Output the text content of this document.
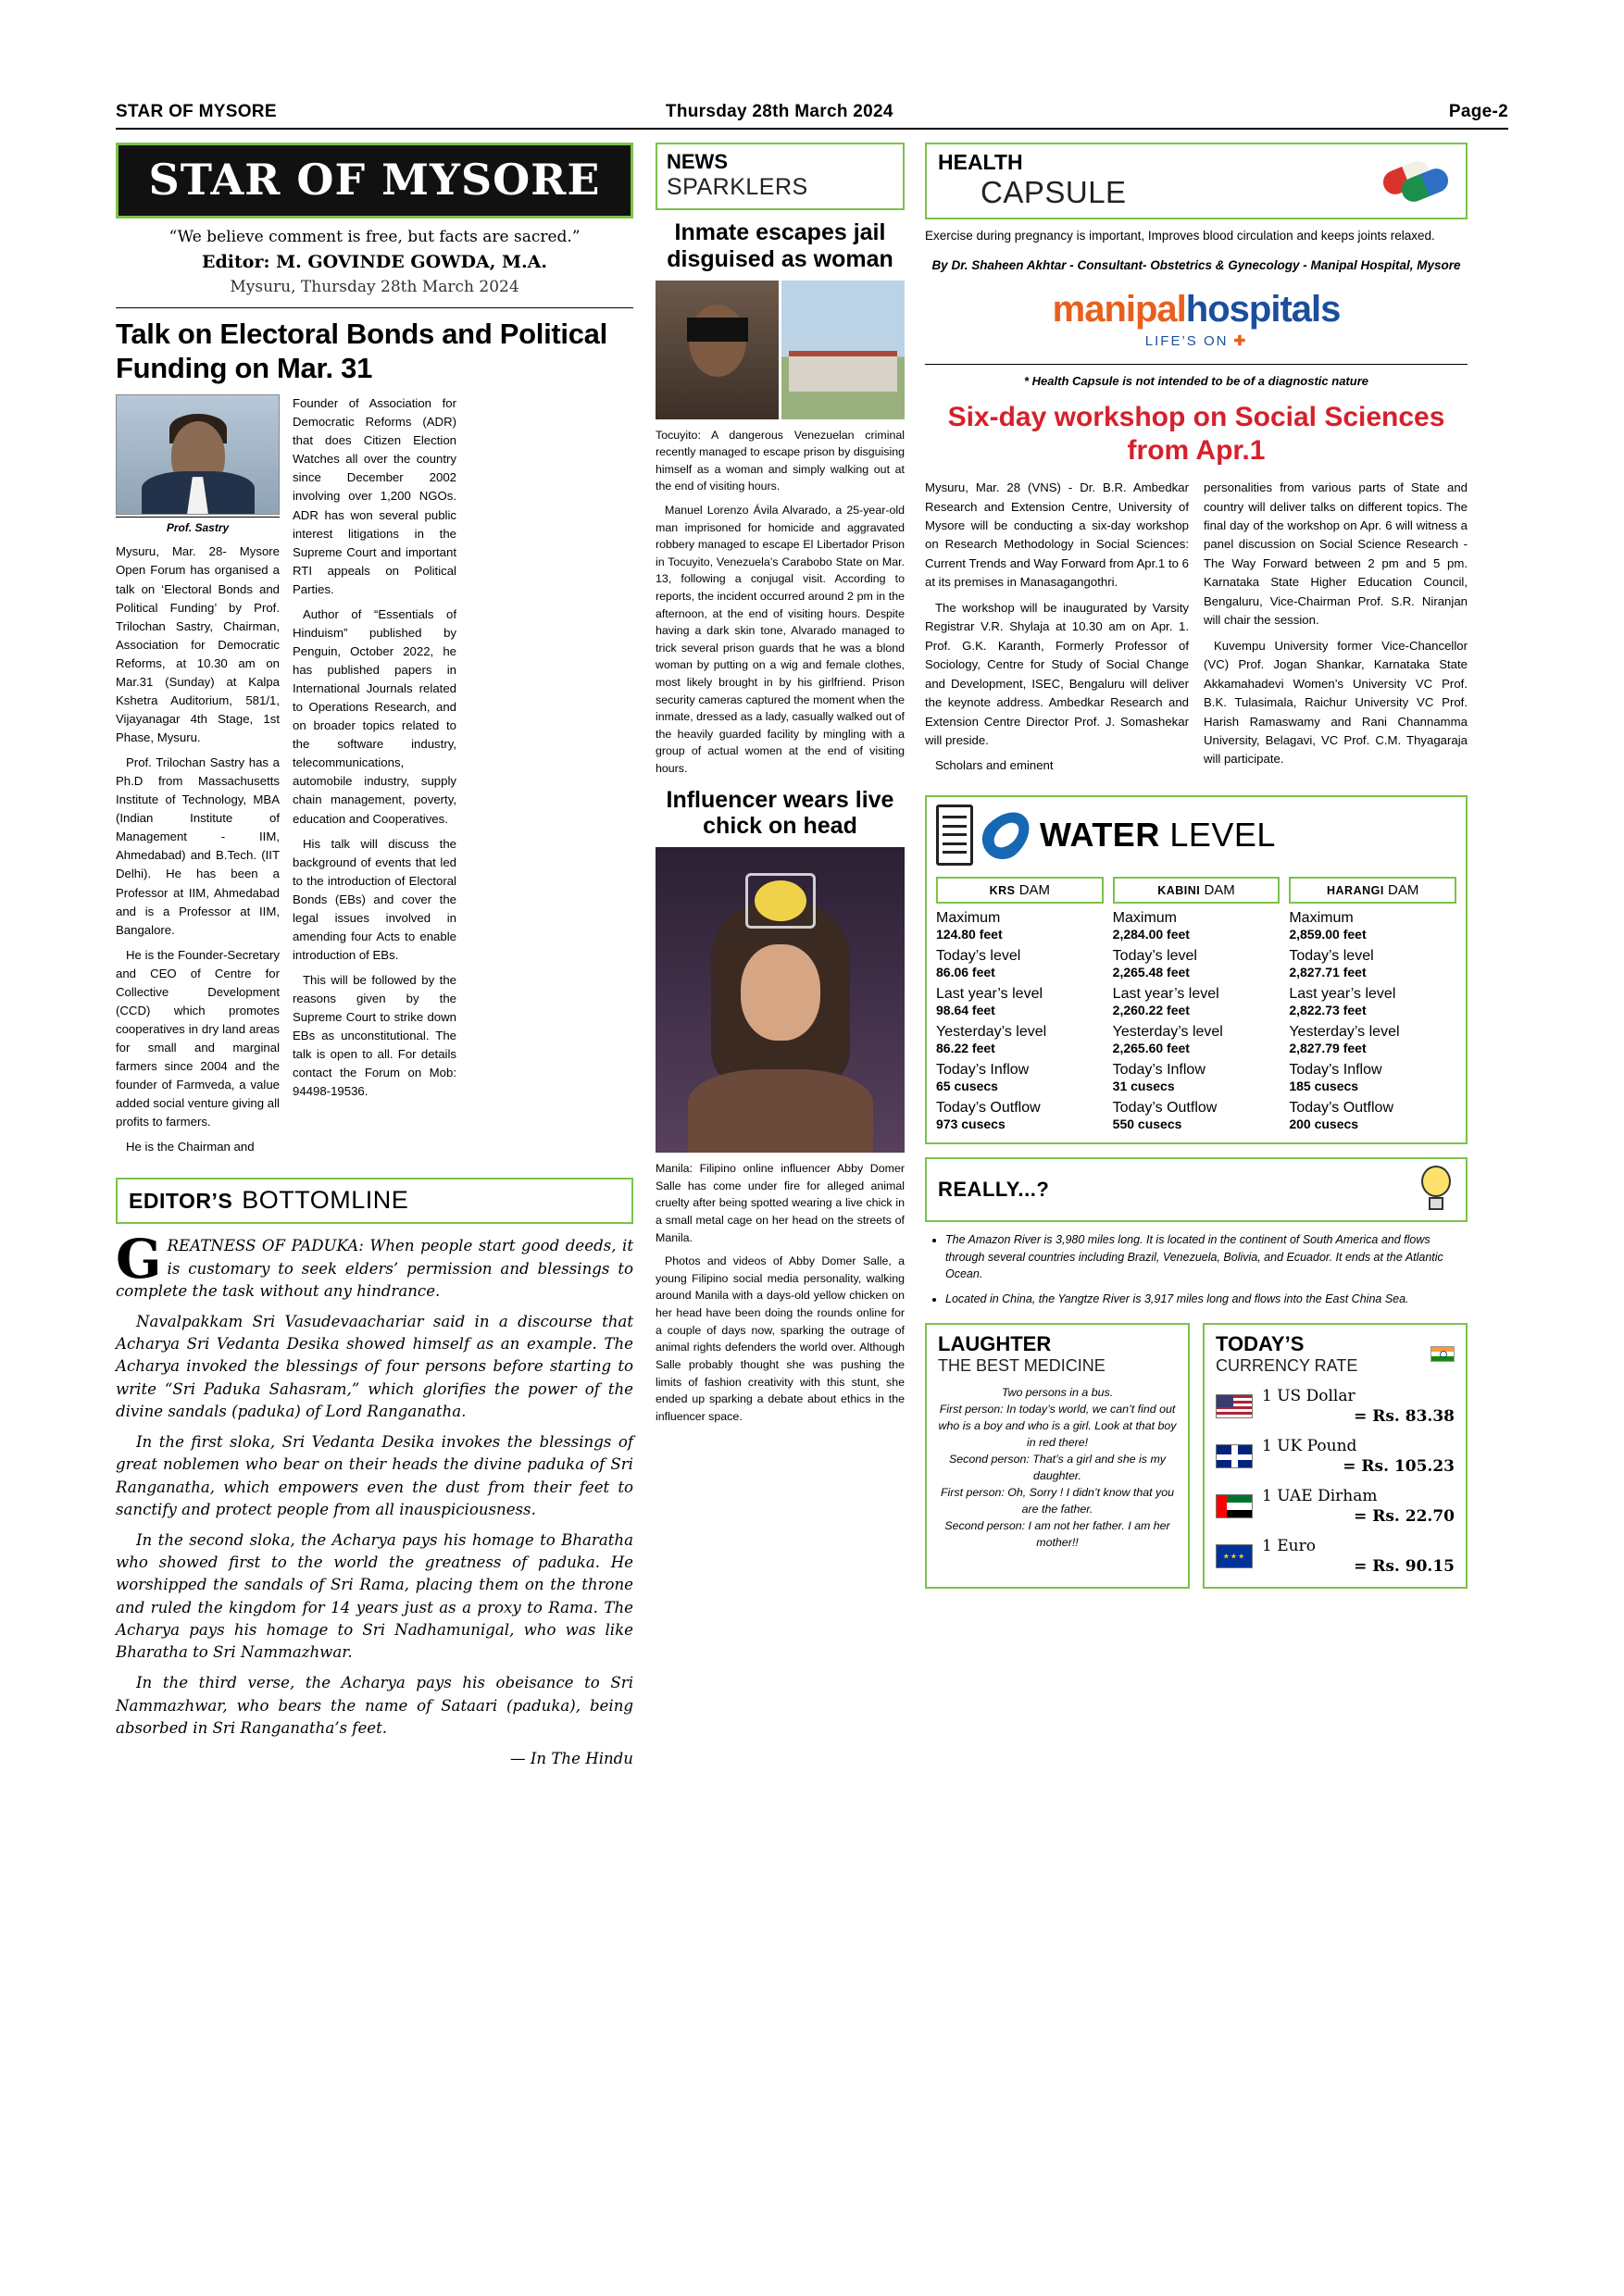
STAR OF MYSORE	Thursday 28th March 2024	Page-2
STAR OF MYSORE
“We believe comment is free, but facts are sacred.”
Editor: M. GOVINDE GOWDA, M.A.
Mysuru, Thursday 28th March 2024
Talk on Electoral Bonds and Political Funding on Mar. 31
Prof. Sastry

Mysuru, Mar. 28- Mysore Open Forum has organised a talk on ‘Electoral Bonds and Political Funding’ by Prof. Trilochan Sastry, Chairman, Association for Democratic Reforms, at 10.30 am on Mar.31 (Sunday) at Kalpa Kshetra Auditorium, 581/1, Vijayanagar 4th Stage, 1st Phase, Mysuru.

Prof. Trilochan Sastry has a Ph.D from Massachusetts Institute of Technology, MBA (Indian Institute of Management - IIM, Ahmedabad) and B.Tech. (IIT Delhi). He has been a Professor at IIM, Ahmedabad and is a Professor at IIM, Bangalore.

He is the Founder-Secretary and CEO of Centre for Collective Development (CCD) which promotes cooperatives in dry land areas for small and marginal farmers since 2004 and the founder of Farmveda, a value added social venture giving all profits to farmers.

He is the Chairman and

Founder of Association for Democratic Reforms (ADR) that does Citizen Election Watches all over the country since December 2002 involving over 1,200 NGOs. ADR has won several public interest litigations in the Supreme Court and important RTI appeals on Political Parties.

Author of “Essentials of Hinduism” published by Penguin, October 2022, he has published papers in International Journals related to Operations Research, and on broader topics related to the software industry, telecommunications, automobile industry, supply chain management, poverty, education and Cooperatives.

His talk will discuss the background of events that led to the introduction of Electoral Bonds (EBs) and cover the legal issues involved in amending four Acts to enable introduction of EBs.

This will be followed by the reasons given by the Supreme Court to strike down EBs as unconstitutional. The talk is open to all. For details contact the Forum on Mob: 94498-19536.

EDITOR’S BOTTOMLINE

GREATNESS OF PADUKA: When people start good deeds, it is customary to seek elders’ permission and blessings to complete the task without any hindrance.

Navalpakkam Sri Vasudevaachariar said in a discourse that Acharya Sri Vedanta Desika showed himself as an example. The Acharya invoked the blessings of four persons before starting to write “Sri Paduka Sahasram,” which glorifies the power of the divine sandals (paduka) of Lord Ranganatha.

In the first sloka, Sri Vedanta Desika invokes the blessings of great noblemen who bear on their heads the divine paduka of Sri Ranganatha, which empowers even the dust from their feet to sanctify and protect people from all inauspiciousness.

In the second sloka, the Acharya pays his homage to Bharatha who showed first to the world the greatness of paduka. He worshipped the sandals of Sri Rama, placing them on the throne and ruled the kingdom for 14 years just as a proxy to Rama. The Acharya pays his homage to Sri Nadhamunigal, who was like Bharatha to Sri Nammazhwar.

In the third verse, the Acharya pays his obeisance to Sri Nammazhwar, who bears the name of Sataari (paduka), being absorbed in Sri Ranganatha’s feet.

— In The Hindu

NEWS
SPARKLERS
Inmate escapes jail disguised as woman

Tocuyito: A dangerous Venezuelan criminal recently managed to escape prison by disguising himself as a woman and simply walking out at the end of visiting hours.

Manuel Lorenzo Ávila Alvarado, a 25-year-old man imprisoned for homicide and aggravated robbery managed to escape El Libertador Prison in Tocuyito, Venezuela’s Carabobo State on Mar. 13, following a conjugal visit. According to reports, the incident occurred around 2 pm in the afternoon, at the end of visiting hours. Despite having a dark skin tone, Alvarado managed to trick several prison guards that he was a blond woman by putting on a wig and female clothes, most likely brought in by his girlfriend. Prison security cameras captured the moment when the inmate, dressed as a lady, casually walked out of the heavily guarded facility by mingling with a group of actual women at the end of visiting hours.

Influencer wears live chick on head

Manila: Filipino online influencer Abby Domer Salle has come under fire for alleged animal cruelty after being spotted wearing a live chick in a small metal cage on her head on the streets of Manila.

Photos and videos of Abby Domer Salle, a young Filipino social media personality, walking around Manila with a days-old yellow chicken on her head have been doing the rounds online for a couple of days now, sparking the outrage of animal rights defenders the world over. Although Salle probably thought she was pushing the limits of fashion creativity with this stunt, she ended up sparking a debate about ethics in the influencer space.

HEALTH
CAPSULE
Exercise during pregnancy is important, Improves blood circulation and keeps joints relaxed.
By Dr. Shaheen Akhtar - Consultant- Obstetrics & Gynecology - Manipal Hospital, Mysore
manipalhospitals
LIFE’S ON ✚
* Health Capsule is not intended to be of a diagnostic nature
Six-day workshop on Social Sciences from Apr.1

Mysuru, Mar. 28 (VNS) - Dr. B.R. Ambedkar Research and Extension Centre, University of Mysore will be conducting a six-day workshop on Research Methodology in Social Sciences: Current Trends and Way Forward from Apr.1 to 6 at its premises in Manasagangothri.

The workshop will be inaugurated by Varsity Registrar V.R. Shylaja at 10.30 am on Apr. 1. Prof. G.K. Karanth, Formerly Professor of Sociology, Centre for Study of Social Change and Development, ISEC, Bengaluru will deliver the keynote address. Ambedkar Research and Extension Centre Director Prof. J. Somashekar will preside.

Scholars and eminent

personalities from various parts of State and country will deliver talks on different topics. The final day of the workshop on Apr. 6 will witness a panel discussion on Social Science Research -The Way Forward between 2 pm and 5 pm. Karnataka State Higher Education Council, Bengaluru, Vice-Chairman Prof. S.R. Niranjan will chair the session.

Kuvempu University former Vice-Chancellor (VC) Prof. Jogan Shankar, Karnataka State Akkamahadevi Women’s University VC Prof. B.K. Tulasimala, Raichur University VC Prof. Harish Ramaswamy and Rani Channamma University, Belagavi, VC Prof. C.M. Thyagaraja will participate.

WATER LEVEL
KRS DAM
Maximum
124.80 feet
Today’s level
86.06 feet
Last year’s level
98.64 feet
Yesterday’s level
86.22 feet
Today’s Inflow
65 cusecs
Today’s Outflow
973 cusecs
KABINI DAM
Maximum
2,284.00 feet
Today’s level
2,265.48 feet
Last year’s level
2,260.22 feet
Yesterday’s level
2,265.60 feet
Today’s Inflow
31 cusecs
Today’s Outflow
550 cusecs
HARANGI DAM
Maximum
2,859.00 feet
Today’s level
2,827.71 feet
Last year’s level
2,822.73 feet
Yesterday’s level
2,827.79 feet
Today’s Inflow
185 cusecs
Today’s Outflow
200 cusecs
REALLY...?
• The Amazon River is 3,980 miles long. It is located in the continent of South America and flows through several countries including Brazil, Venezuela, Bolivia, and Ecuador. It ends at the Atlantic Ocean.
• Located in China, the Yangtze River is 3,917 miles long and flows into the East China Sea.
LAUGHTER
THE BEST MEDICINE
Two persons in a bus.
First person: In today’s world, we can’t find out who is a boy and who is a girl. Look at that boy in red there!
Second person: That’s a girl and she is my daughter.
First person: Oh, Sorry ! I didn’t know that you are the father.
Second person: I am not her father. I am her mother!!
TODAY’S
CURRENCY RATE
1 US Dollar
= Rs. 83.38
1 UK Pound
= Rs. 105.23
1 UAE Dirham
= Rs. 22.70
★★★
1 Euro
= Rs. 90.15
